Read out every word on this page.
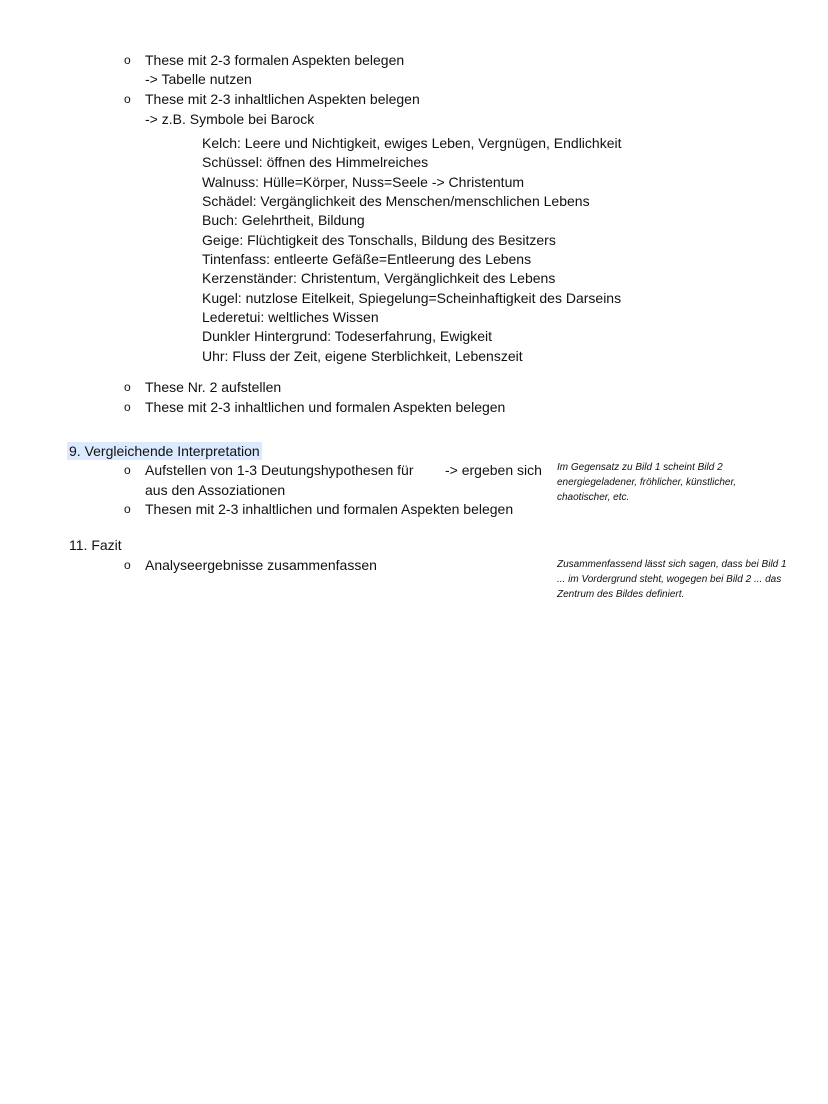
o These mit 2-3 formalen Aspekten belegen
-> Tabelle nutzen
o These mit 2-3 inhaltlichen Aspekten belegen
-> z.B. Symbole bei Barock
Kelch: Leere und Nichtigkeit, ewiges Leben, Vergnügen, Endlichkeit
Schüssel: öffnen des Himmelreiches
Walnuss: Hülle=Körper, Nuss=Seele -> Christentum
Schädel: Vergänglichkeit des Menschen/menschlichen Lebens
Buch: Gelehrtheit, Bildung
Geige: Flüchtigkeit des Tonschalls, Bildung des Besitzers
Tintenfass: entleerte Gefäße=Entleerung des Lebens
Kerzenständer: Christentum, Vergänglichkeit des Lebens
Kugel: nutzlose Eitelkeit, Spiegelung=Scheinhaftigkeit des Darseins
Lederetui: weltliches Wissen
Dunkler Hintergrund: Todeserfahrung, Ewigkeit
Uhr: Fluss der Zeit, eigene Sterblichkeit, Lebenszeit
o These Nr. 2 aufstellen
o These mit 2-3 inhaltlichen und formalen Aspekten belegen
9. Vergleichende Interpretation
o Aufstellen von 1-3 Deutungshypothesen für -> ergeben sich
aus den Assoziationen
o Thesen mit 2-3 inhaltlichen und formalen Aspekten belegen
Im Gegensatz zu Bild 1 scheint Bild 2
energiegeladener, fröhlicher, künstlicher,
chaotischer, etc.
11. Fazit
o Analyseergebnisse zusammenfassen	Zusammenfassend lässt sich sagen, dass bei Bild 1
... im Vordergrund steht, wogegen bei Bild 2 ... das
Zentrum des Bildes definiert.
